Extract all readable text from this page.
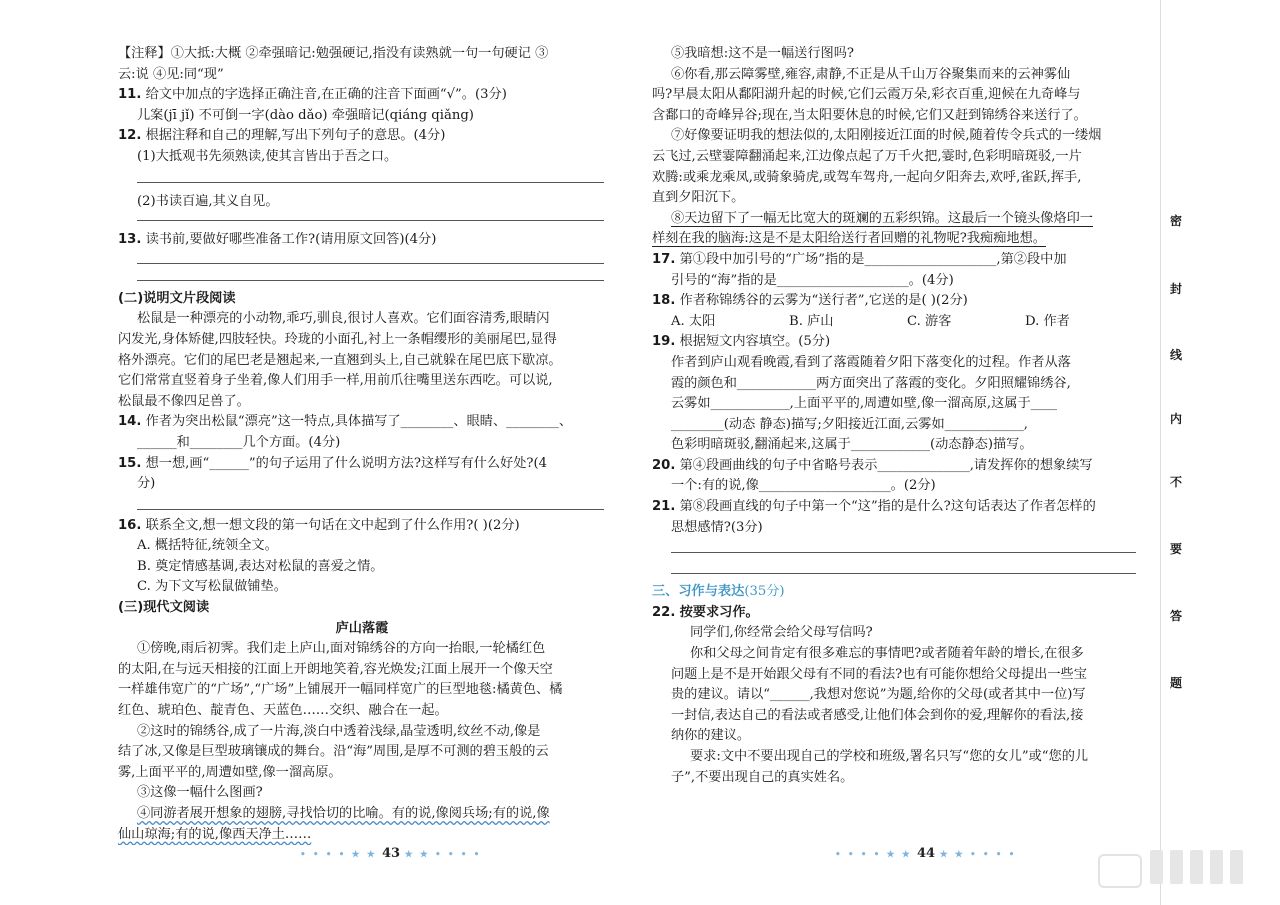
【注释】①大抵:大概 ②牵强暗记:勉强硬记,指没有读熟就一句一句硬记 ③
云:说 ④见:同“现”
11. 给文中加点的字选择正确注音,在正确的注音下面画“√”。(3分)
儿案(jī jǐ) 不可倒一字(dào dǎo) 牵强暗记(qiáng qiǎng)
12. 根据注释和自己的理解,写出下列句子的意思。(4分)
(1)大抵观书先须熟读,使其言皆出于吾之口。
(2)书读百遍,其义自见。
13. 读书前,要做好哪些准备工作?(请用原文回答)(4分)
(二)说明文片段阅读
松鼠是一种漂亮的小动物,乖巧,驯良,很讨人喜欢。它们面容清秀,眼睛闪
闪发光,身体矫健,四肢轻快。玲珑的小面孔,衬上一条帽缨形的美丽尾巴,显得
格外漂亮。它们的尾巴老是翘起来,一直翘到头上,自己就躲在尾巴底下歇凉。
它们常常直竖着身子坐着,像人们用手一样,用前爪往嘴里送东西吃。可以说,
松鼠最不像四足兽了。
14. 作者为突出松鼠“漂亮”这一特点,具体描写了________、眼睛、________、
______和________几个方面。(4分)
15. 想一想,画“______”的句子运用了什么说明方法?这样写有什么好处?(4
分)
16. 联系全文,想一想文段的第一句话在文中起到了什么作用?( )(2分)
A. 概括特征,统领全文。
B. 奠定情感基调,表达对松鼠的喜爱之情。
C. 为下文写松鼠做铺垫。
(三)现代文阅读
庐山落霞
①傍晚,雨后初霁。我们走上庐山,面对锦绣谷的方向一抬眼,一轮橘红色
的太阳,在与远天相接的江面上开朗地笑着,容光焕发;江面上展开一个像天空
一样雄伟宽广的“广场”,“广场”上铺展开一幅同样宽广的巨型地毯:橘黄色、橘
红色、琥珀色、靛青色、天蓝色……交织、融合在一起。
②这时的锦绣谷,成了一片海,淡白中透着浅绿,晶莹透明,纹丝不动,像是
结了冰,又像是巨型玻璃镶成的舞台。沿“海”周围,是厚不可测的碧玉般的云
雾,上面平平的,周遭如壁,像一溜高原。
③这像一幅什么图画?
④同游者展开想象的翅膀,寻找恰切的比喻。有的说,像阅兵场;有的说,像
仙山琼海;有的说,像西天净土……
• • • • ★ ★ 43 ★ ★ • • • •
⑤我暗想:这不是一幅送行图吗?
⑥你看,那云障雾壁,雍容,肃静,不正是从千山万谷聚集而来的云神雾仙
吗?早晨太阳从鄱阳湖升起的时候,它们云霞万朵,彩衣百重,迎候在九奇峰与
含鄱口的奇峰异谷;现在,当太阳要休息的时候,它们又赶到锦绣谷来送行了。
⑦好像要证明我的想法似的,太阳刚接近江面的时候,随着传令兵式的一缕烟
云飞过,云壁霎障翻涌起来,江边像点起了万千火把,霎时,色彩明暗斑驳,一片
欢腾:或乘龙乘凤,或骑象骑虎,或驾车驾舟,一起向夕阳奔去,欢呼,雀跃,挥手,
直到夕阳沉下。
⑧天边留下了一幅无比宽大的斑斓的五彩织锦。这最后一个镜头像烙印一
样刻在我的脑海:这是不是太阳给送行者回赠的礼物呢?我痴痴地想。
17. 第①段中加引号的“广场”指的是____________________,第②段中加
引号的“海”指的是____________________。(4分)
18. 作者称锦绣谷的云雾为“送行者”,它送的是( )(2分)
A. 太阳	B. 庐山	C. 游客	D. 作者
19. 根据短文内容填空。(5分)
作者到庐山观看晚霞,看到了落霞随着夕阳下落变化的过程。作者从落
霞的颜色和____________两方面突出了落霞的变化。夕阳照耀锦绣谷,
云雾如____________,上面平平的,周遭如壁,像一溜高原,这属于____
________(动态 静态)描写;夕阳接近江面,云雾如____________,
色彩明暗斑驳,翻涌起来,这属于____________(动态静态)描写。
20. 第④段画曲线的句子中省略号表示______________,请发挥你的想象续写
一个:有的说,像____________________。(2分)
21. 第⑧段画直线的句子中第一个“这”指的是什么?这句话表达了作者怎样的
思想感情?(3分)
三、习作与表达(35分)
22. 按要求习作。
同学们,你经常会给父母写信吗?
你和父母之间肯定有很多难忘的事情吧?或者随着年龄的增长,在很多
问题上是不是开始跟父母有不同的看法?也有可能你想给父母提出一些宝
贵的建议。请以“______,我想对您说”为题,给你的父母(或者其中一位)写
一封信,表达自己的看法或者感受,让他们体会到你的爱,理解你的看法,接
纳你的建议。
要求:文中不要出现自己的学校和班级,署名只写“您的女儿”或“您的儿
子”,不要出现自己的真实姓名。
• • • • ★ ★ 44 ★ ★ • • • •
密
封
线
内
不
要
答
题
